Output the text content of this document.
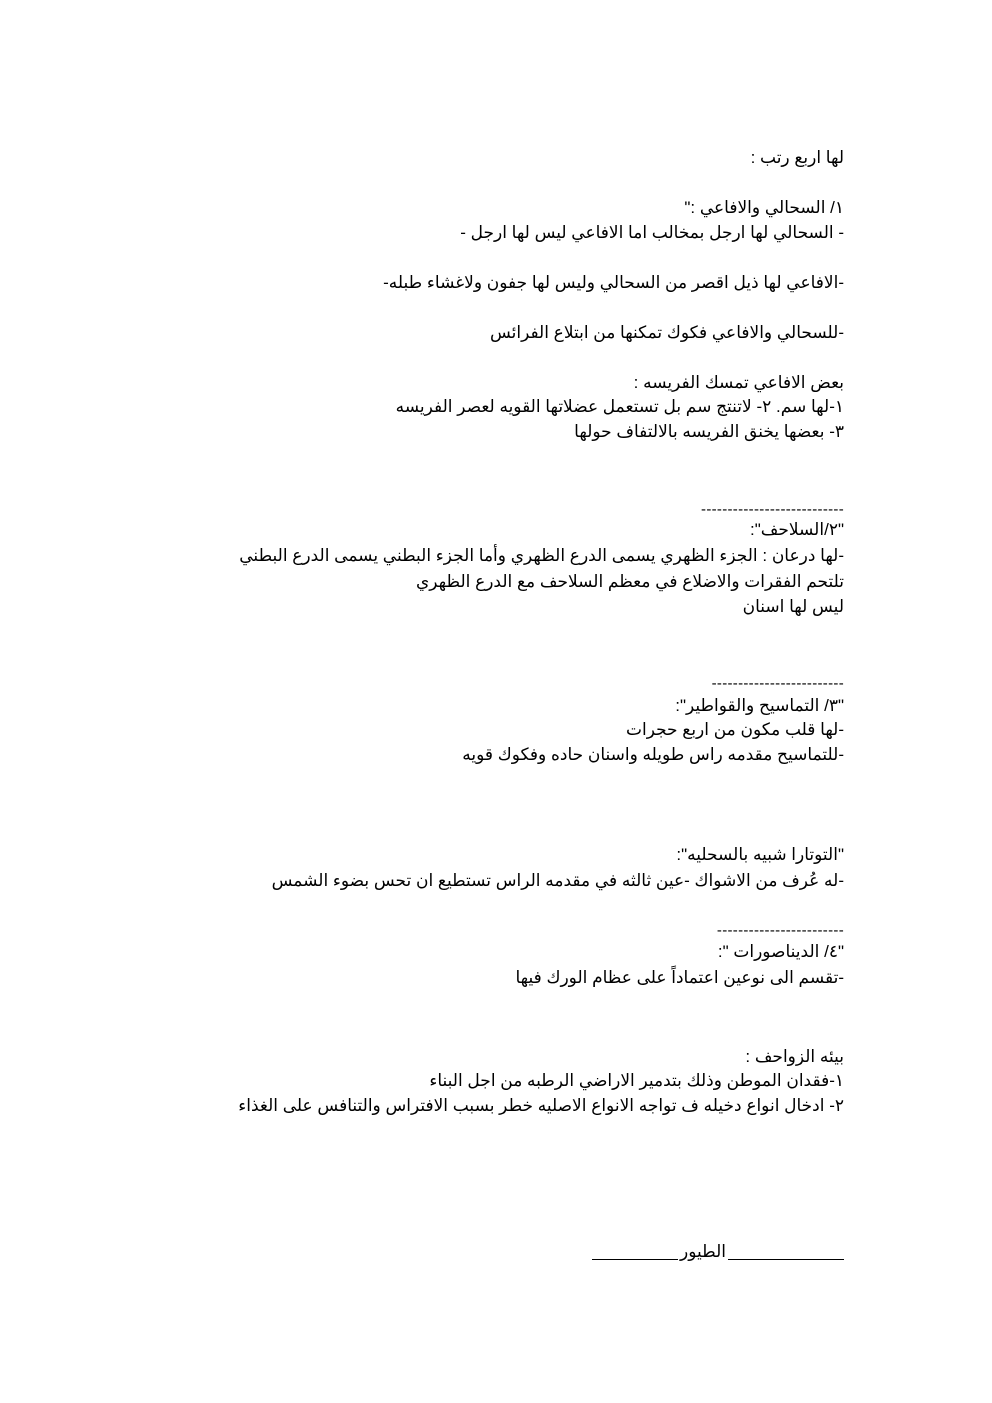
لها اربع رتب :
١/ السحالي والافاعي :"
- السحالي لها ارجل بمخالب اما الافاعي ليس لها ارجل -
-الافاعي لها ذيل اقصر من السحالي وليس لها جفون ولاغشاء طبله-
-للسحالي والافاعي فكوك تمكنها من ابتلاع الفرائس
بعض الافاعي تمسك الفريسه :
١-لها سم. ٢- لاتنتج سم بل تستعمل عضلاتها القويه لعصر الفريسه
٣- بعضها يخنق الفريسه بالالتفاف حولها
---------------------------
"٢/السلاحف":
-لها درعان : الجزء الظهري يسمى الدرع الظهري وأما الجزء البطني يسمى الدرع البطني
تلتحم الفقرات والاضلاع في معظم السلاحف مع الدرع الظهري
ليس لها اسنان
-------------------------
"٣/ التماسيح والقواطير":
-لها قلب مكون من اربع حجرات
-للتماسيح مقدمه راس طويله واسنان حاده وفكوك قويه
"التوتارا شبيه بالسحليه":
-له عُرف من الاشواك -عين ثالثه في مقدمه الراس تستطيع ان تحس بضوء الشمس
------------------------
"٤/ الديناصورات ":
-تقسم الى نوعين اعتماداً على عظام الورك فيها
بيئه الزواحف :
١-فقدان الموطن وذلك بتدمير الاراضي الرطبه من اجل البناء
٢- ادخال انواع دخيله ف تواجه الانواع الاصليه خطر بسبب الافتراس والتنافس على الغذاء
الطيور
